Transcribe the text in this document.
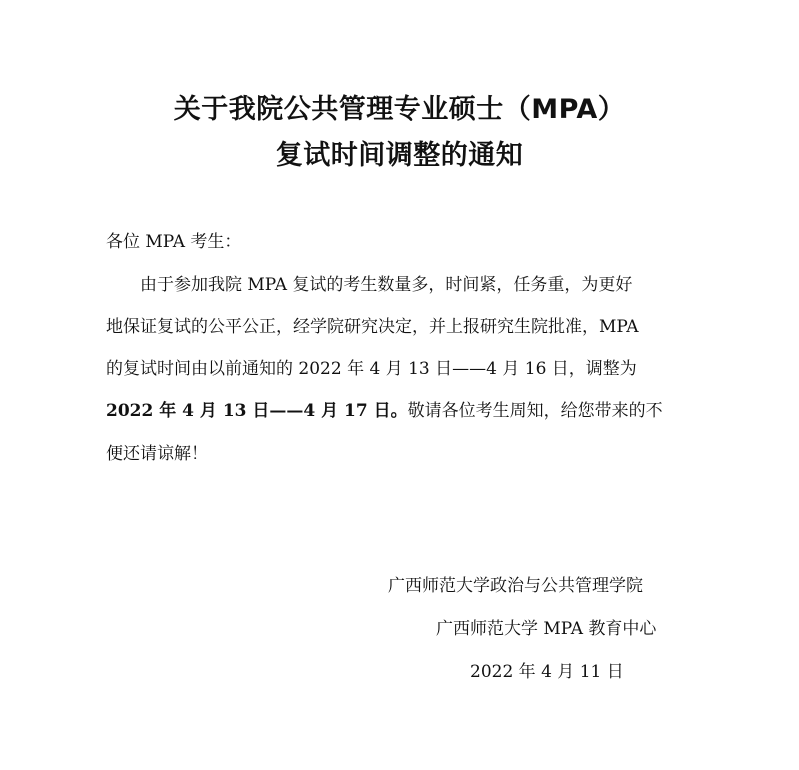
关于我院公共管理专业硕士（MPA）
复试时间调整的通知
各位 MPA 考生：
由于参加我院 MPA 复试的考生数量多，时间紧，任务重，为更好
地保证复试的公平公正，经学院研究决定，并上报研究生院批准，MPA
的复试时间由以前通知的 2022 年 4 月 13 日——4 月 16 日，调整为
2022 年 4 月 13 日——4 月 17 日。敬请各位考生周知，给您带来的不
便还请谅解！
广西师范大学政治与公共管理学院
广西师范大学 MPA 教育中心
2022 年 4 月 11 日
